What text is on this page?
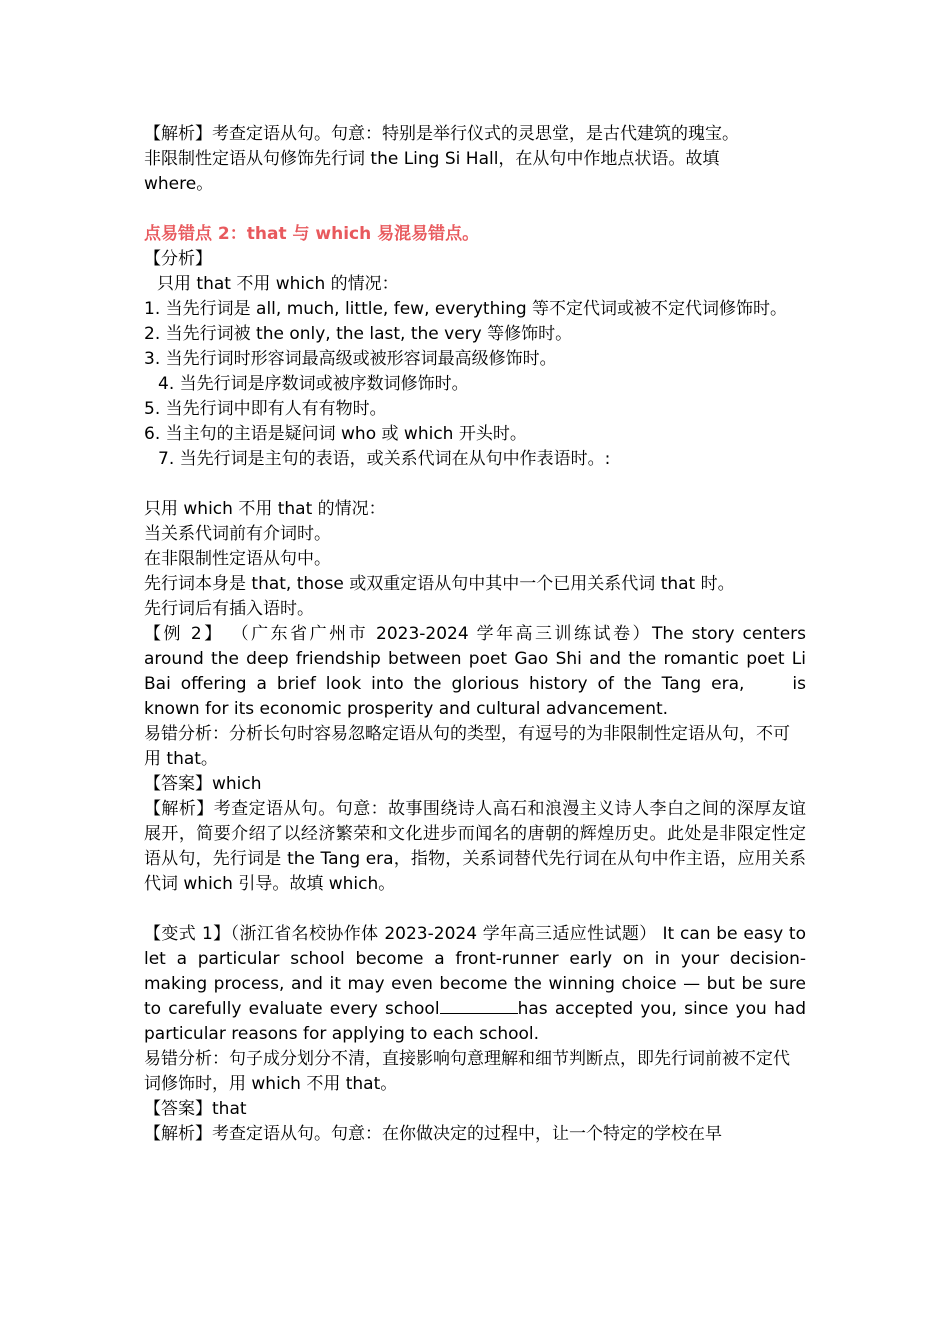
【解析】考查定语从句。句意：特别是举行仪式的灵思堂，是古代建筑的瑰宝。

非限制性定语从句修饰先行词 the Ling Si Hall，在从句中作地点状语。故填

where。

点易错点 2：that 与 which 易混易错点。

【分析】

只用 that 不用 which 的情况：

1. 当先行词是 all, much, little, few, everything 等不定代词或被不定代词修饰时。

2. 当先行词被 the only, the last, the very 等修饰时。

3. 当先行词时形容词最高级或被形容词最高级修饰时。

4. 当先行词是序数词或被序数词修饰时。

5. 当先行词中即有人有有物时。

6. 当主句的主语是疑问词 who 或 which 开头时。

7. 当先行词是主句的表语，或关系代词在从句中作表语时。:

只用 which 不用 that 的情况：

当关系代词前有介词时。

在非限制性定语从句中。

先行词本身是 that, those 或双重定语从句中其中一个已用关系代词 that 时。

先行词后有插入语时。

【例 2】 （广东省广州市 2023-2024 学年高三训练试卷）The story centers around the deep friendship between poet Gao Shi and the romantic poet Li Bai offering a brief look into the glorious history of the Tang era,	is known for its economic prosperity and cultural advancement.

易错分析：分析长句时容易忽略定语从句的类型，有逗号的为非限制性定语从句，不可用 that。

【答案】which

【解析】考查定语从句。句意：故事围绕诗人高石和浪漫主义诗人李白之间的深厚友谊展开，简要介绍了以经济繁荣和文化进步而闻名的唐朝的辉煌历史。此处是非限定性定语从句，先行词是 the Tang era，指物，关系词替代先行词在从句中作主语，应用关系代词 which 引导。故填 which。

【变式 1】（浙江省名校协作体 2023-2024 学年高三适应性试题） It can be easy to let a particular school become a front-runner early on in your decision-making process, and it may even become the winning choice — but be sure to carefully evaluate every school	has accepted you, since you had particular reasons for applying to each school.

易错分析：句子成分划分不清，直接影响句意理解和细节判断点，即先行词前被不定代词修饰时，用 which 不用 that。

【答案】that

【解析】考查定语从句。句意：在你做决定的过程中，让一个特定的学校在早
